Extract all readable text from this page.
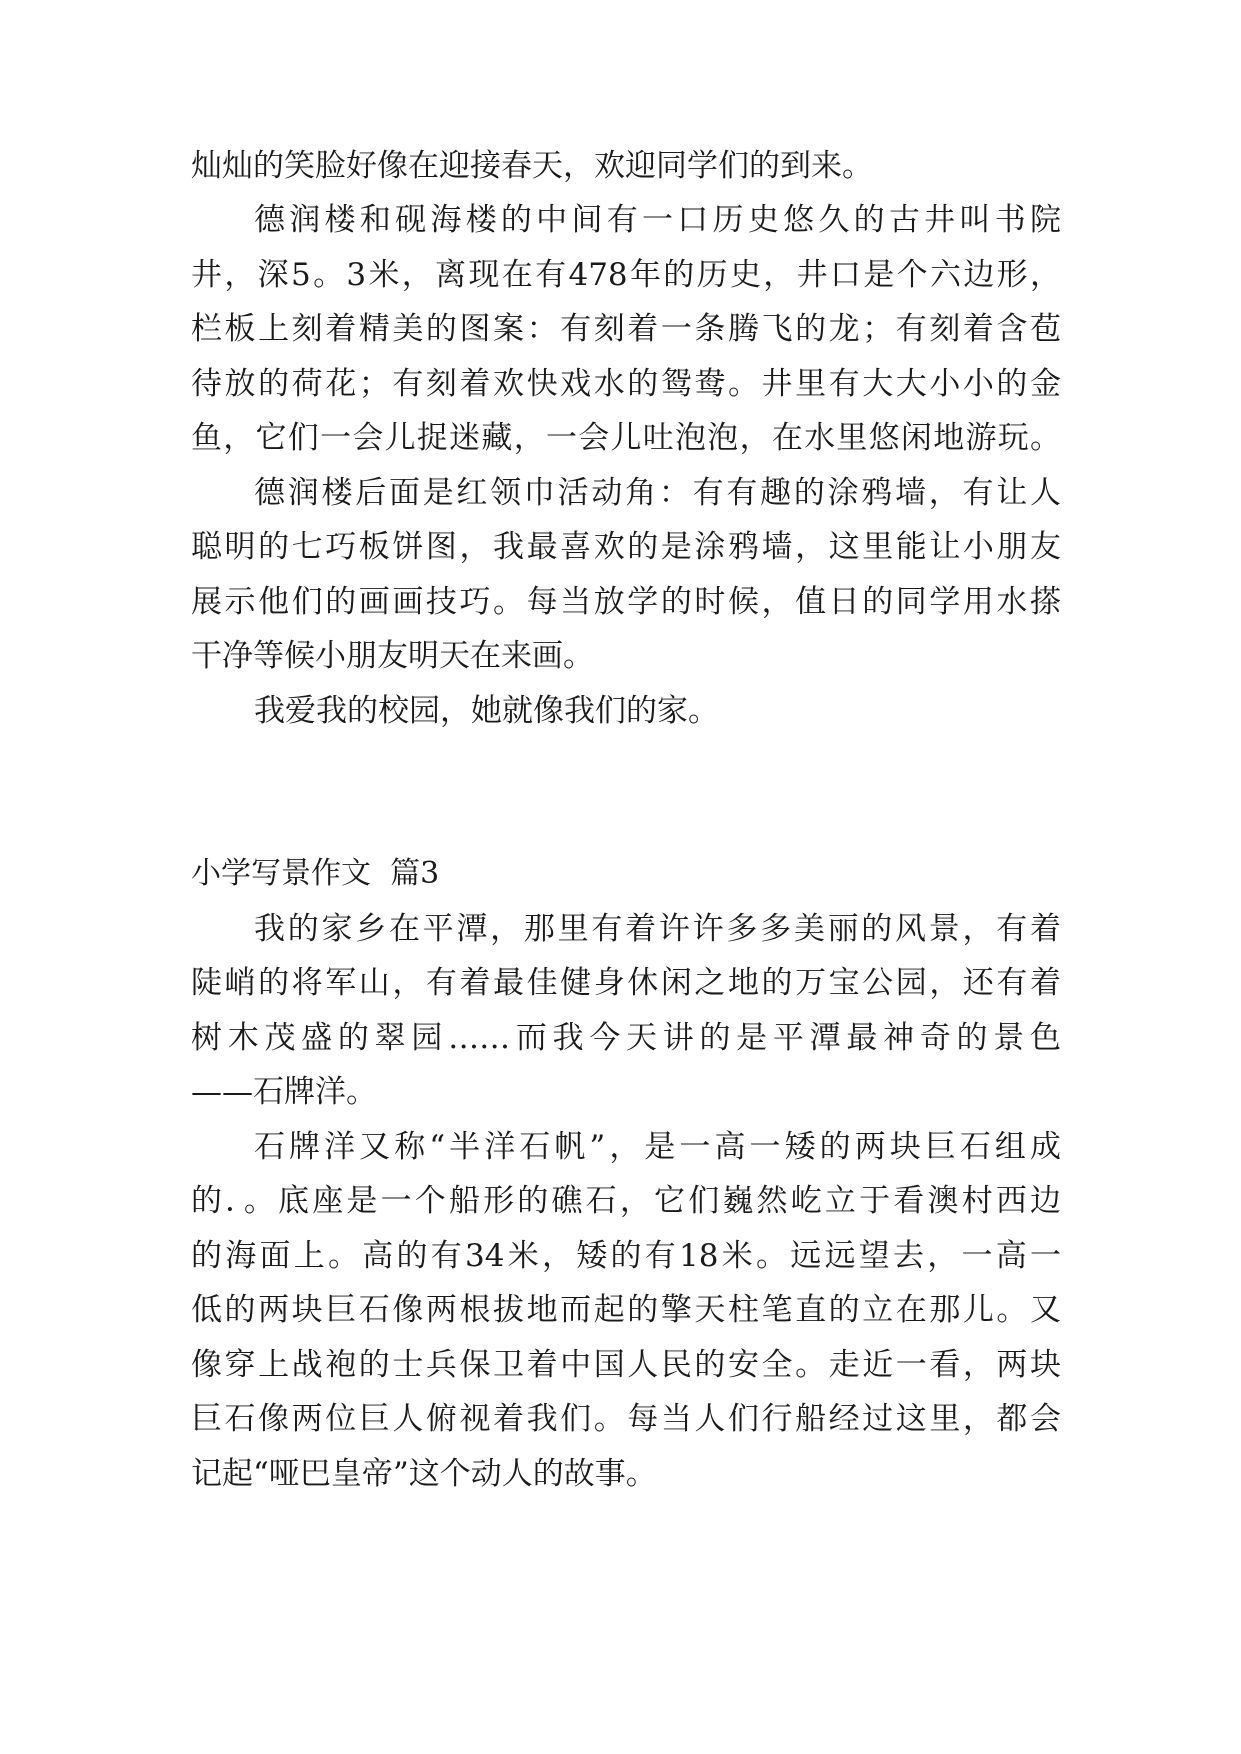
灿灿的笑脸好像在迎接春天，欢迎同学们的到来。

德润楼和砚海楼的中间有一口历史悠久的古井叫书院

井，深5。3米，离现在有478年的历史，井口是个六边形，

栏板上刻着精美的图案：有刻着一条腾飞的龙；有刻着含苞

待放的荷花；有刻着欢快戏水的鸳鸯。井里有大大小小的金

鱼，它们一会儿捉迷藏，一会儿吐泡泡，在水里悠闲地游玩。

德润楼后面是红领巾活动角：有有趣的涂鸦墙，有让人

聪明的七巧板饼图，我最喜欢的是涂鸦墙，这里能让小朋友

展示他们的画画技巧。每当放学的时候，值日的同学用水搽

干净等候小朋友明天在来画。

我爱我的校园，她就像我们的家。

小学写景作文  篇3

我的家乡在平潭，那里有着许许多多美丽的风景，有着

陡峭的将军山，有着最佳健身休闲之地的万宝公园，还有着

树木茂盛的翠园……而我今天讲的是平潭最神奇的景色

——石牌洋。

石牌洋又称“半洋石帆”，是一高一矮的两块巨石组成

的．。底座是一个船形的礁石，它们巍然屹立于看澳村西边

的海面上。高的有34米，矮的有18米。远远望去，一高一

低的两块巨石像两根拔地而起的擎天柱笔直的立在那儿。又

像穿上战袍的士兵保卫着中国人民的安全。走近一看，两块

巨石像两位巨人俯视着我们。每当人们行船经过这里，都会

记起“哑巴皇帝”这个动人的故事。
